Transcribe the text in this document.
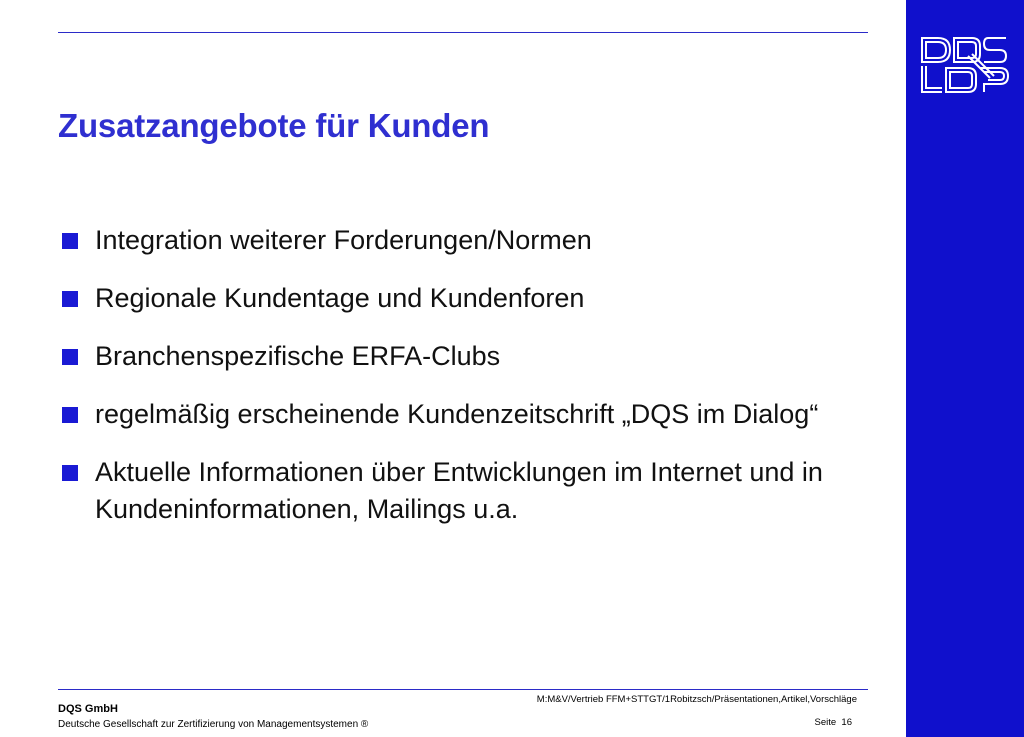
Zusatzangebote für Kunden
Integration weiterer Forderungen/Normen
Regionale Kundentage und Kundenforen
Branchenspezifische ERFA-Clubs
regelmäßig erscheinende Kundenzeitschrift „DQS im Dialog“
Aktuelle Informationen über Entwicklungen im Internet und in Kundeninformationen, Mailings u.a.
DQS GmbH
Deutsche Gesellschaft zur Zertifizierung von Managementsystemen ®
M:M&V/Vertrieb FFM+STTGT/1Robitzsch/Präsentationen,Artikel,Vorschläge
Seite 16
